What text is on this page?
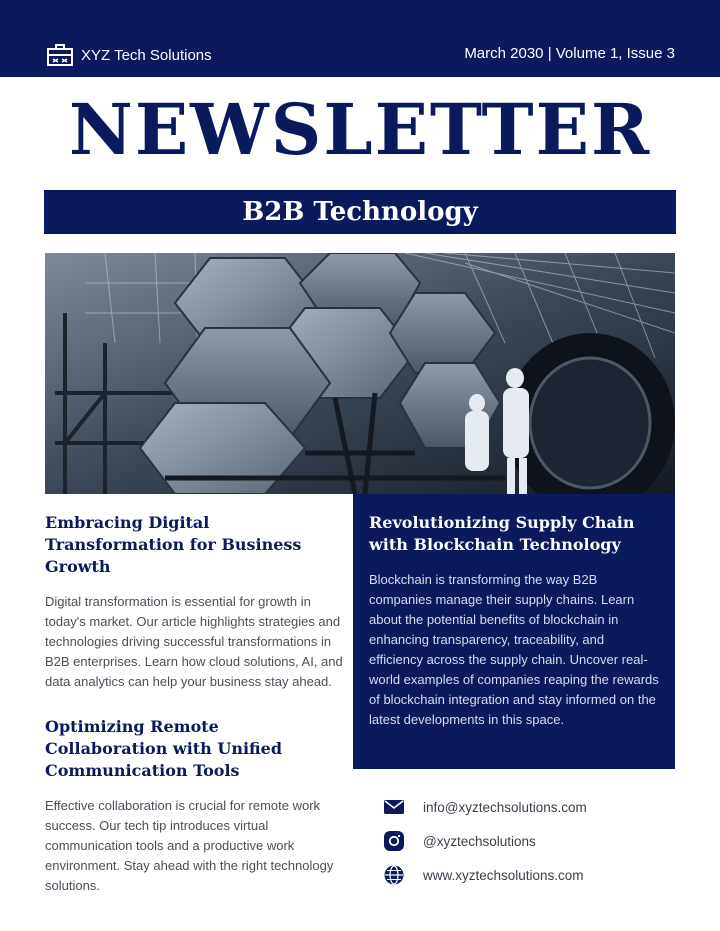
XYZ Tech Solutions	March 2030 | Volume 1, Issue 3
NEWSLETTER
B2B Technology
Embracing Digital Transformation for Business Growth

Digital transformation is essential for growth in today's market. Our article highlights strategies and technologies driving successful transformations in B2B enterprises. Learn how cloud solutions, AI, and data analytics can help your business stay ahead.

Optimizing Remote Collaboration with Unified Communication Tools

Effective collaboration is crucial for remote work success. Our tech tip introduces virtual communication tools and a productive work environment. Stay ahead with the right technology solutions.

Revolutionizing Supply Chain with Blockchain Technology

Blockchain is transforming the way B2B companies manage their supply chains. Learn about the potential benefits of blockchain in enhancing transparency, traceability, and efficiency across the supply chain. Uncover real-world examples of companies reaping the rewards of blockchain integration and stay informed on the latest developments in this space.

info@xyztechsolutions.com
@xyztechsolutions
www.xyztechsolutions.com
